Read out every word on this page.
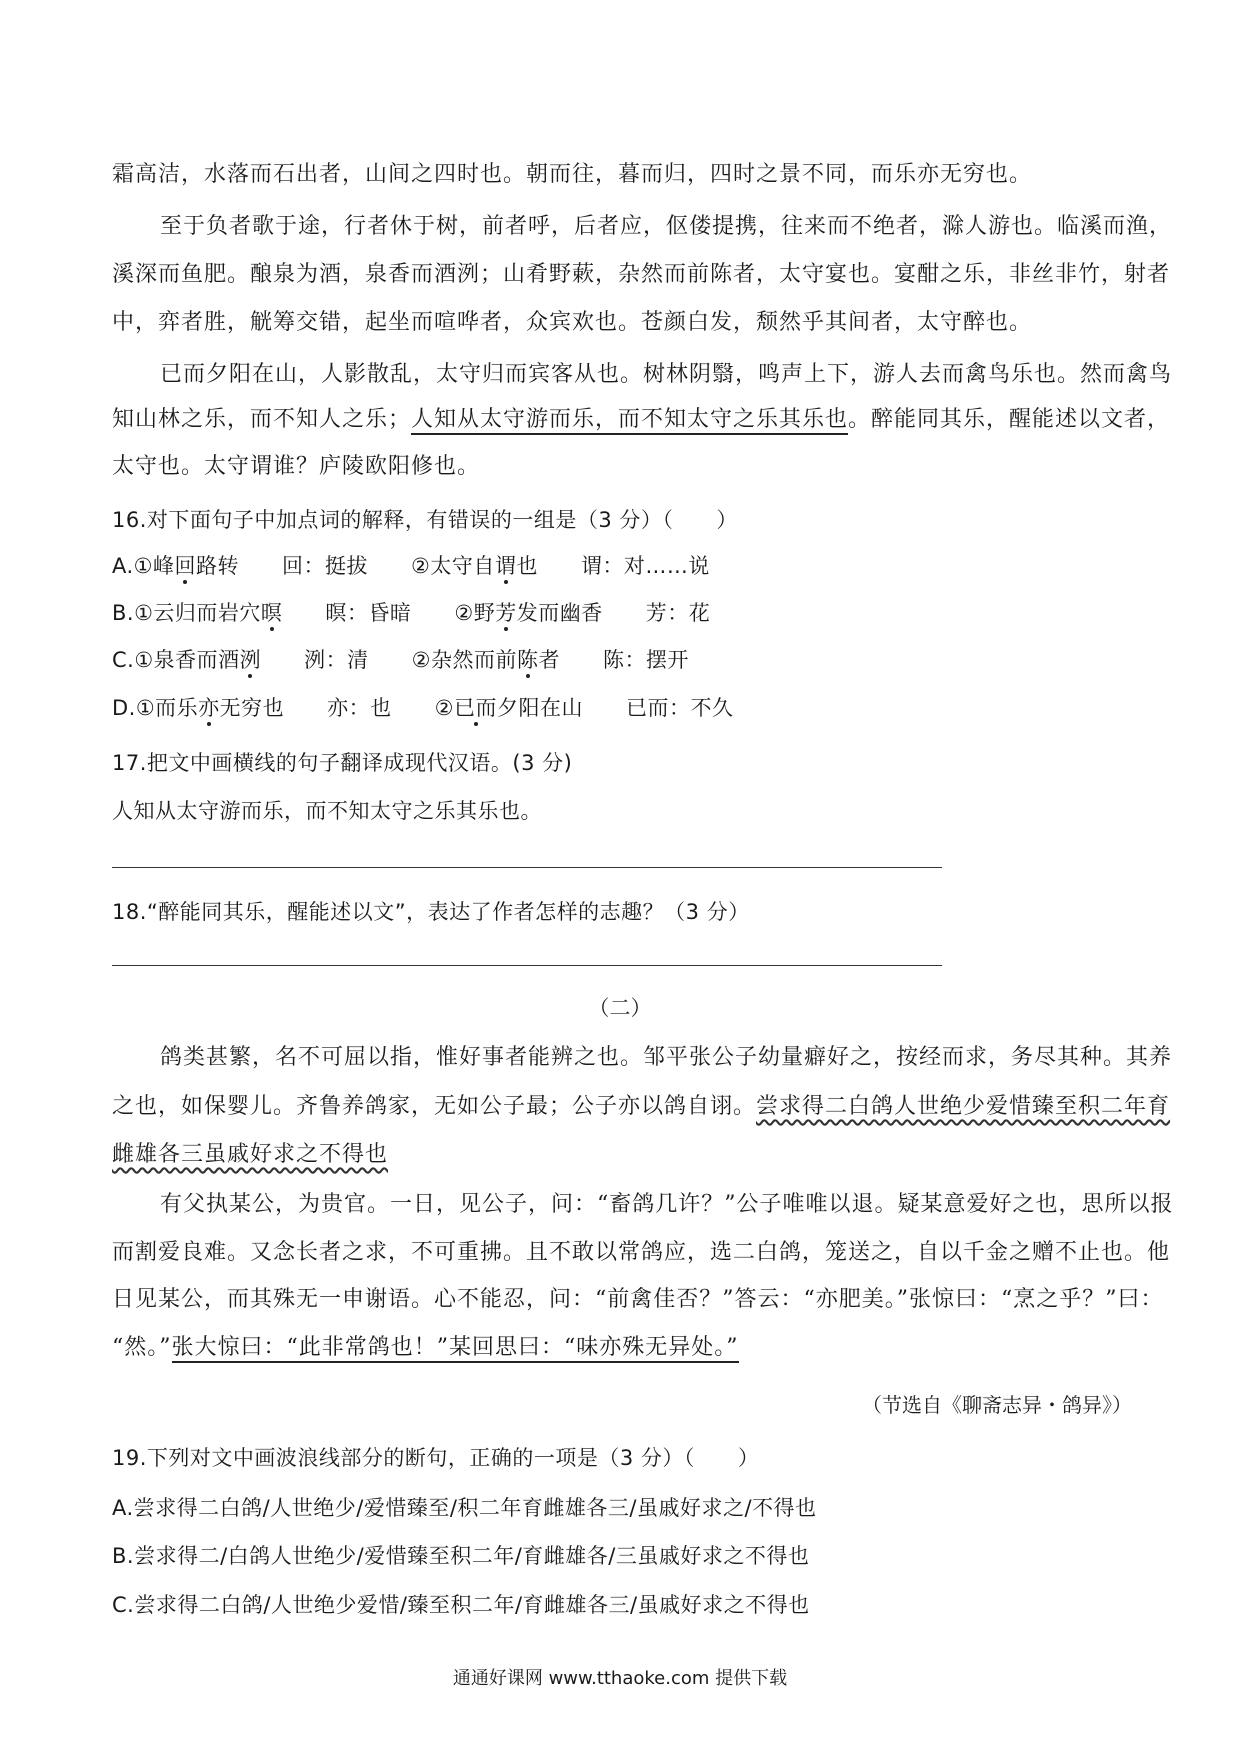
霜高洁，水落而石出者，山间之四时也。朝而往，暮而归，四时之景不同，而乐亦无穷也。
至于负者歌于途，行者休于树，前者呼，后者应，伛偻提携，往来而不绝者，滁人游也。临溪而渔，
溪深而鱼肥。酿泉为酒，泉香而酒洌；山肴野蔌，杂然而前陈者，太守宴也。宴酣之乐，非丝非竹，射者
中，弈者胜，觥筹交错，起坐而喧哗者，众宾欢也。苍颜白发，颓然乎其间者，太守醉也。
已而夕阳在山，人影散乱，太守归而宾客从也。树林阴翳，鸣声上下，游人去而禽鸟乐也。然而禽鸟
知山林之乐，而不知人之乐；人知从太守游而乐，而不知太守之乐其乐也。醉能同其乐，醒能述以文者，
太守也。太守谓谁？庐陵欧阳修也。
16.对下面句子中加点词的解释，有错误的一组是（3 分）（　　）
A.①峰回路转　　回：挺拔　　②太守自谓也　　谓：对……说
B.①云归而岩穴暝　　暝：昏暗　　②野芳发而幽香　　芳：花
C.①泉香而酒洌　　洌：清　　②杂然而前陈者　　陈：摆开
D.①而乐亦无穷也　　亦：也　　②已而夕阳在山　　已而：不久
17.把文中画横线的句子翻译成现代汉语。(3 分)
人知从太守游而乐，而不知太守之乐其乐也。
18.“醉能同其乐，醒能述以文”，表达了作者怎样的志趣？（3 分）
（二）
鸽类甚繁，名不可屈以指，惟好事者能辨之也。邹平张公子幼量癖好之，按经而求，务尽其种。其养
之也，如保婴儿。齐鲁养鸽家，无如公子最；公子亦以鸽自诩。尝求得二白鸽人世绝少爱惜臻至积二年育
雌雄各三虽戚好求之不得也
有父执某公，为贵官。一日，见公子，问：“畜鸽几许？”公子唯唯以退。疑某意爱好之也，思所以报
而割爱良难。又念长者之求，不可重拂。且不敢以常鸽应，选二白鸽，笼送之，自以千金之赠不止也。他
日见某公，而其殊无一申谢语。心不能忍，问：“前禽佳否？”答云：“亦肥美。”张惊曰：“烹之乎？”曰：
“然。”张大惊曰：“此非常鸽也！”某回思曰：“味亦殊无异处。”
（节选自《聊斋志异・鸽异》）
19.下列对文中画波浪线部分的断句，正确的一项是（3 分）（　　）
A.尝求得二白鸽/人世绝少/爱惜臻至/积二年育雌雄各三/虽戚好求之/不得也
B.尝求得二/白鸽人世绝少/爱惜臻至积二年/育雌雄各/三虽戚好求之不得也
C.尝求得二白鸽/人世绝少爱惜/臻至积二年/育雌雄各三/虽戚好求之不得也
通通好课网 www.tthaoke.com 提供下载
